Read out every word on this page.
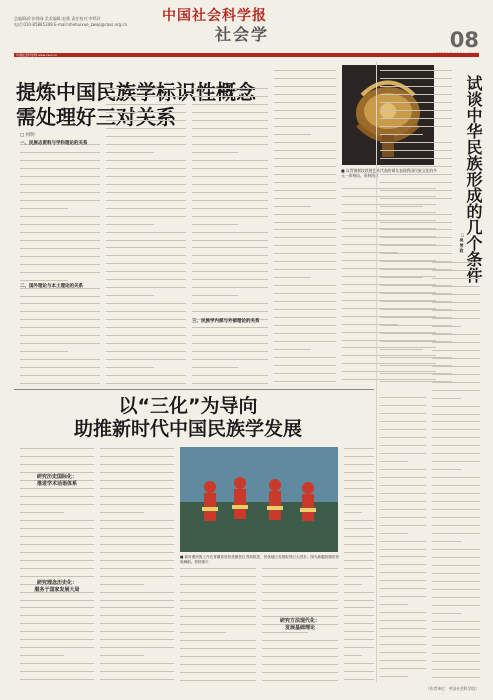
总编辑部:孙铁刚 美术编辑:赵燕 责任校对:李鸣玲
电话:010-85885308 E-mail:shehuixue_zwqs@cass.org.cn 中国社会科学报
社会学	08
中国社会科学网 www.cssn.cn	2016年1月14日 星期四
提炼中国民族学标识性概念
需处理好三对关系
□ 何明
一、民族志资料与学科理论的关系
二、国外理论与本土理论的关系
三、民族学内部与外部理论的关系
■ 以青铜刻纹敦煌艺术代表的铜戈表现我国民族文化的多元一体格局。资料图片	试谈中华民族形成的几个条件
□ 吴 荣 政
以“三化”为导向
助推新时代中国民族学发展
研究历史国际化：
推进学术话语体系
研究理念历史化：
服务于国家发展大局
研究方法现代化：
发展基础理论
■ 新时期民族工作在青藏高原民族聚居区得到推进，民族地区发展取得巨大进步。图为新疆拍摄的民族舞蹈。资料图片
（作者单位：中国社会科学院）
